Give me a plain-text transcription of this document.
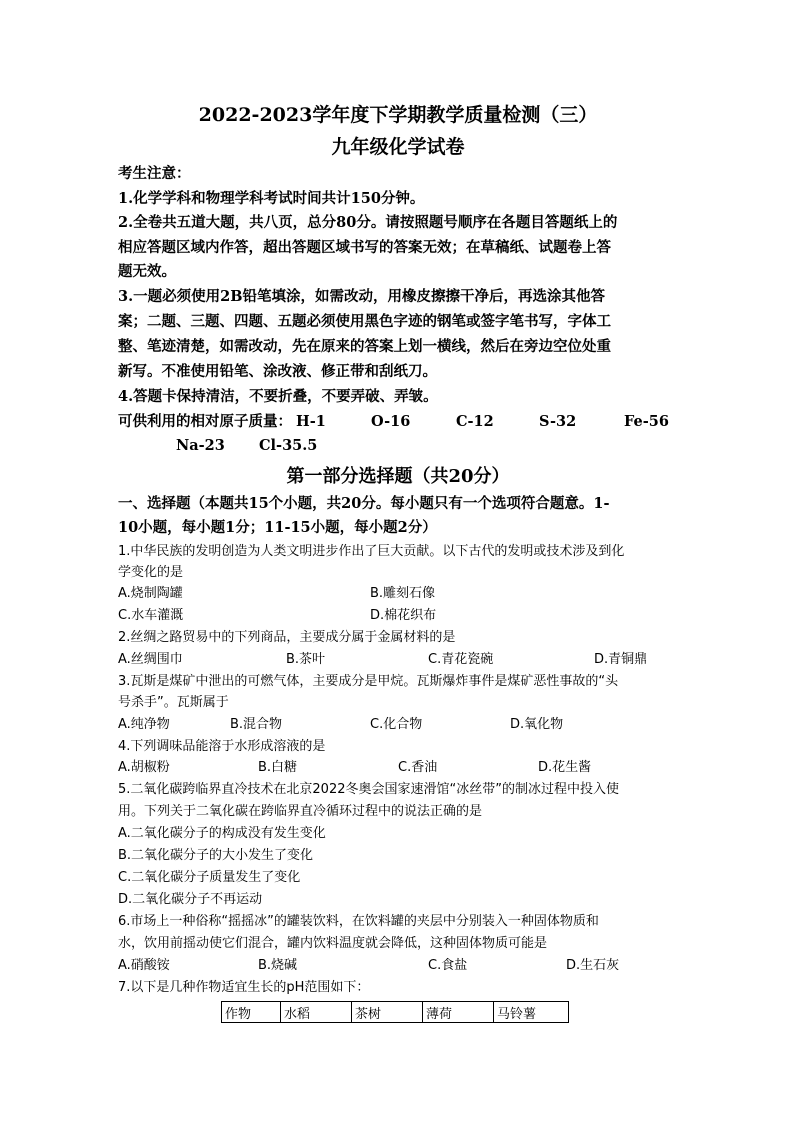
2022-2023学年度下学期教学质量检测（三）
九年级化学试卷
考生注意：
1.化学学科和物理学科考试时间共计150分钟。
2.全卷共五道大题，共八页，总分80分。请按照题号顺序在各题目答题纸上的
相应答题区域内作答，超出答题区域书写的答案无效；在草稿纸、试题卷上答
题无效。
3.一题必须使用2B铅笔填涂，如需改动，用橡皮擦擦干净后，再选涂其他答
案；二题、三题、四题、五题必须使用黑色字迹的钢笔或签字笔书写，字体工
整、笔迹清楚，如需改动，先在原来的答案上划一横线，然后在旁边空位处重
新写。不准使用铅笔、涂改液、修正带和刮纸刀。
4.答题卡保持清洁，不要折叠，不要弄破、弄皱。
可供利用的相对原子质量： H-1	O-16	C-12	S-32	Fe-56
Na-23 Cl-35.5
第一部分选择题（共20分）
一、选择题（本题共15个小题，共20分。每小题只有一个选项符合题意。1-
10小题，每小题1分；11-15小题，每小题2分）
1.中华民族的发明创造为人类文明进步作出了巨大贡献。以下古代的发明或技术涉及到化
学变化的是
A.烧制陶罐	B.雕刻石像
C.水车灌溉	D.棉花织布
2.丝绸之路贸易中的下列商品，主要成分属于金属材料的是
A.丝绸围巾	B.茶叶	C.青花瓷碗	D.青铜鼎
3.瓦斯是煤矿中泄出的可燃气体，主要成分是甲烷。瓦斯爆炸事件是煤矿恶性事故的“头
号杀手”。瓦斯属于
A.纯净物	B.混合物	C.化合物	D.氧化物
4.下列调味品能溶于水形成溶液的是
A.胡椒粉	B.白糖	C.香油	D.花生酱
5.二氧化碳跨临界直冷技术在北京2022冬奥会国家速滑馆“冰丝带”的制冰过程中投入使
用。下列关于二氧化碳在跨临界直冷循环过程中的说法正确的是
A.二氧化碳分子的构成没有发生变化
B.二氧化碳分子的大小发生了变化
C.二氧化碳分子质量发生了变化
D.二氧化碳分子不再运动
6.市场上一种俗称“摇摇冰”的罐装饮料，在饮料罐的夹层中分别装入一种固体物质和
水，饮用前摇动使它们混合，罐内饮料温度就会降低，这种固体物质可能是
A.硝酸铵	B.烧碱	C.食盐	D.生石灰
7.以下是几种作物适宜生长的pH范围如下：
作物	水稻	茶树	薄荷	马铃薯
